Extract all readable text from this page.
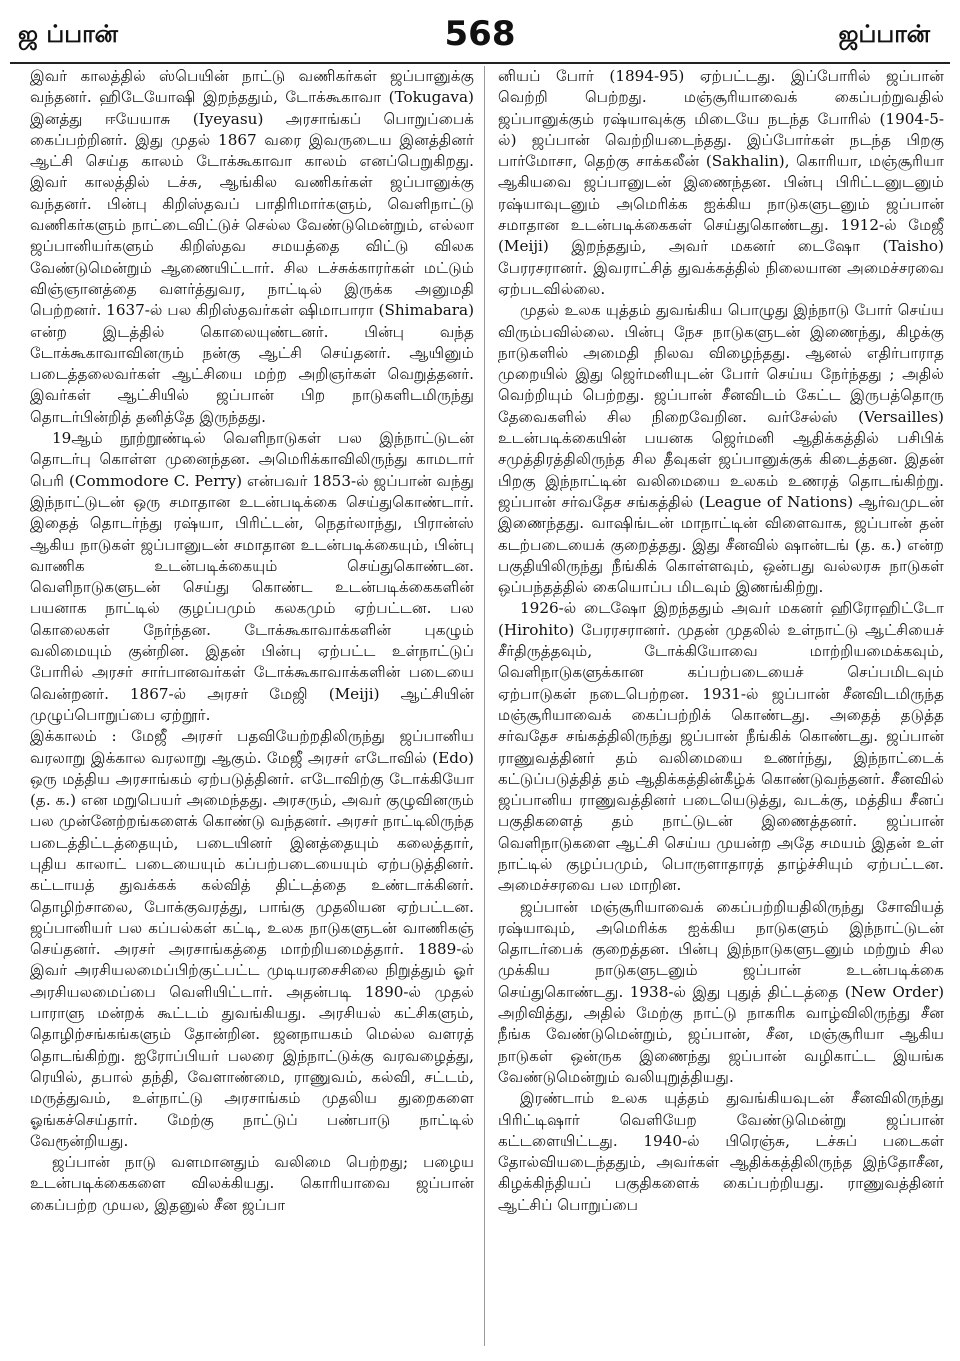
ஜ ப்பான்	568	ஜப்பான்

இவர் காலத்தில் ஸ்பெயின் நாட்டு வணிகர்கள் ஜப்பானுக்கு வந்தனர். ஹிடேயோஷி இறந்ததும், டோக்கூகாவா (Tokugava) இனத்து ஈயேயாசு (Iyeyasu) அரசாங்கப் பொறுப்பைக் கைப்பற்றினர். இது முதல் 1867 வரை இவருடைய இனத்தினர் ஆட்சி செய்த காலம் டோக்கூகாவா காலம் எனப்பெறுகிறது. இவர் காலத்தில் டச்சு, ஆங்கில வணிகர்கள் ஜப்பானுக்கு வந்தனர். பின்பு கிறிஸ்தவப் பாதிரிமார்களும், வெளிநாட்டு வணிகர்களும் நாட்டைவிட்டுச் செல்ல வேண்டுமென்றும், எல்லா ஜப்பானியர்களும் கிறிஸ்தவ சமயத்தை விட்டு விலக வேண்டுமென்றும் ஆணையிட்டார். சில டச்சுக்காரர்கள் மட்டும் விஞ்ஞானத்தை வளர்த்துவர, நாட்டில் இருக்க அனுமதி பெற்றனர். 1637-ல் பல கிறிஸ்தவர்கள் ஷிமாபாரா (Shimabara) என்ற இடத்தில் கொலையுண்டனர். பின்பு வந்த டோக்கூகாவாவினரும் நன்கு ஆட்சி செய்தனர். ஆயினும் படைத்தலைவர்கள் ஆட்சியை மற்ற அறிஞர்கள் வெறுத்தனர். இவர்கள் ஆட்சியில் ஜப்பான் பிற நாடுகளிடமிருந்து தொடர்பின்றித் தனித்தே இருந்தது.

19ஆம் நூற்றூண்டில் வெளிநாடுகள் பல இந்நாட்டுடன் தொடர்பு கொள்ள முனைந்தன. அமெரிக்காவிலிருந்து காமடார் பெரி (Commodore C. Perry) என்பவர் 1853-ல் ஜப்பான் வந்து இந்நாட்டுடன் ஒரு சமாதான உடன்படிக்கை செய்துகொண்டார். இதைத் தொடர்ந்து ரஷ்யா, பிரிட்டன், நெதர்லாந்து, பிரான்ஸ் ஆகிய நாடுகள் ஜப்பானுடன் சமாதான உடன்படிக்கையும், பின்பு வாணிக உடன்படிக்கையும் செய்துகொண்டன. வெளிநாடுகளுடன் செய்து கொண்ட உடன்படிக்கைகளின் பயனாக நாட்டில் குழப்பமும் கலகமும் ஏற்பட்டன. பல கொலைகள் நேர்ந்தன. டோக்கூகாவாக்களின் புகழும் வலிமையும் குன்றின. இதன் பின்பு ஏற்பட்ட உள்நாட்டுப் போரில் அரசர் சார்பானவர்கள் டோக்கூகாவாக்களின் படையை வென்றனர். 1867-ல் அரசர் மேஜி (Meiji) ஆட்சியின் முழுப்பொறுப்பை ஏற்றூர்.

இக்காலம் : மேஜீ அரசர் பதவியேற்றதிலிருந்து ஜப்பானிய வரலாறு இக்கால வரலாறு ஆகும். மேஜீ அரசர் எடோவில் (Edo) ஒரு மத்திய அரசாங்கம் ஏற்படுத்தினர். எடோவிற்கு டோக்கியோ (த. க.) என மறுபெயர் அமைந்தது. அரசரும், அவர் குழுவினரும் பல முன்னேற்றங்களைக் கொண்டு வந்தனர். அரசர் நாட்டிலிருந்த படைத்திட்டத்தையும், படையினர் இனத்தையும் கலைத்தார், புதிய காலாட் படையையும் கப்பற்படையையும் ஏற்படுத்தினர். கட்டாயத் துவக்கக் கல்வித் திட்டத்தை உண்டாக்கினர். தொழிற்சாலை, போக்குவரத்து, பாங்கு முதலியன ஏற்பட்டன. ஜப்பானியர் பல கப்பல்கள் கட்டி, உலக நாடுகளுடன் வாணிகஞ் செய்தனர். அரசர் அரசாங்கத்தை மாற்றியமைத்தார். 1889-ல் இவர் அரசியலமைப்பிற்குட்பட்ட முடியரசைசிலை நிறுத்தும் ஓர் அரசியலமைப்பை வெளியிட்டார். அதன்படி 1890-ல் முதல் பாராளு மன்றக் கூட்டம் துவங்கியது. அரசியல் கட்சிகளும், தொழிற்சங்கங்களும் தோன்றின. ஜனநாயகம் மெல்ல வளரத் தொடங்கிற்று. ஐரோப்பியர் பலரை இந்நாட்டுக்கு வரவழைத்து, ரெயில், தபால் தந்தி, வேளாண்மை, ராணுவம், கல்வி, சட்டம், மருத்துவம், உள்நாட்டு அரசாங்கம் முதலிய துறைகளை ஓங்கச்செய்தார். மேற்கு நாட்டுப் பண்பாடு நாட்டில் வேரூன்றியது.

ஜப்பான் நாடு வளமானதும் வலிமை பெற்றது; பழைய உடன்படிக்கைகளை விலக்கியது. கொரியாவை ஜப்பான் கைப்பற்ற முயல, இதனுல் சீன ஜப்பா

னியப் போர் (1894-95) ஏற்பட்டது. இப்போரில் ஜப்பான் வெற்றி பெற்றது. மஞ்சூரியாவைக் கைப்பற்றுவதில் ஜப்பானுக்கும் ரஷ்யாவுக்கு மிடையே நடந்த போரில் (1904-5-ல்) ஜப்பான் வெற்றியடைந்தது. இப்போர்கள் நடந்த பிறகு பார்மோசா, தெற்கு சாக்கலீன் (Sakhalin), கொரியா, மஞ்சூரியா ஆகியவை ஜப்பானுடன் இணைந்தன. பின்பு பிரிட்டனுடனும் ரஷ்யாவுடனும் அமெரிக்க ஐக்கிய நாடுகளுடனும் ஜப்பான் சமாதான உடன்படிக்கைகள் செய்துகொண்டது. 1912-ல் மேஜீ (Meiji) இறந்ததும், அவர் மகனர் டைஷோ (Taisho) பேரரசரானர். இவராட்சித் துவக்கத்தில் நிலையான அமைச்சரவை ஏற்படவில்லை.

முதல் உலக யுத்தம் துவங்கிய பொழுது இந்நாடு போர் செய்ய விரும்பவில்லை. பின்பு நேச நாடுகளுடன் இணைந்து, கிழக்கு நாடுகளில் அமைதி நிலவ விழைந்தது. ஆனல் எதிர்பாராத முறையில் இது ஜெர்மனியுடன் போர் செய்ய நேர்ந்தது ; அதில் வெற்றியும் பெற்றது. ஜப்பான் சீனவிடம் கேட்ட இருபத்தொரு தேவைகளில் சில நிறைவேறின. வர்சேல்ஸ் (Versailles) உடன்படிக்கையின் பயனக ஜெர்மனி ஆதிக்கத்தில் பசிபிக் சமுத்திரத்திலிருந்த சில தீவுகள் ஜப்பானுக்குக் கிடைத்தன. இதன் பிறகு இந்நாட்டின் வலிமையை உலகம் உணரத் தொடங்கிற்று. ஜப்பான் சர்வதேச சங்கத்தில் (League of Nations) ஆர்வமுடன் இணைந்தது. வாஷிங்டன் மாநாட்டின் விளைவாக, ஜப்பான் தன் கடற்படையைக் குறைத்தது. இது சீனவில் ஷான்டங் (த. க.) என்ற பகுதியிலிருந்து நீங்கிக் கொள்ளவும், ஒன்பது வல்லரசு நாடுகள் ஒப்பந்தத்தில் கையொப்ப மிடவும் இணங்கிற்று.

1926-ல் டைஷோ இறந்ததும் அவர் மகனர் ஹிரோஹிட்டோ (Hirohito) பேரரசரானர். முதன் முதலில் உள்நாட்டு ஆட்சியைச் சீர்திருத்தவும், டோக்கியோவை மாற்றியமைக்கவும், வெளிநாடுகளுக்கான கப்பற்படையைச் செப்பமிடவும் ஏற்பாடுகள் நடைபெற்றன. 1931-ல் ஜப்பான் சீனவிடமிருந்த மஞ்சூரியாவைக் கைப்பற்றிக் கொண்டது. அதைத் தடுத்த சர்வதேச சங்கத்திலிருந்து ஜப்பான் நீங்கிக் கொண்டது. ஜப்பான் ராணுவத்தினர் தம் வலிமையை உணர்ந்து, இந்நாட்டைக் கட்டுப்படுத்தித் தம் ஆதிக்கத்தின்கீழ்க் கொண்டுவந்தனர். சீனவில் ஜப்பானிய ராணுவத்தினர் படையெடுத்து, வடக்கு, மத்திய சீனப் பகுதிகளைத் தம் நாட்டுடன் இணைத்தனர். ஜப்பான் வெளிநாடுகளை ஆட்சி செய்ய முயன்ற அதே சமயம் இதன் உள் நாட்டில் குழப்பமும், பொருளாதாரத் தாழ்ச்சியும் ஏற்பட்டன. அமைச்சரவை பல மாறின.

ஜப்பான் மஞ்சூரியாவைக் கைப்பற்றியதிலிருந்து சோவியத் ரஷ்யாவும், அமெரிக்க ஐக்கிய நாடுகளும் இந்நாட்டுடன் தொடர்பைக் குறைத்தன. பின்பு இந்நாடுகளுடனும் மற்றும் சில முக்கிய நாடுகளுடனும் ஜப்பான் உடன்படிக்கை செய்துகொண்டது. 1938-ல் இது புதுத் திட்டத்தை (New Order) அறிவித்து, அதில் மேற்கு நாட்டு நாகரிக வாழ்விலிருந்து சீன நீங்க வேண்டுமென்றும், ஜப்பான், சீன, மஞ்சூரியா ஆகிய நாடுகள் ஒன்ருக இணைந்து ஜப்பான் வழிகாட்ட இயங்க வேண்டுமென்றும் வலியுறுத்தியது.

இரண்டாம் உலக யுத்தம் துவங்கியவுடன் சீனவிலிருந்து பிரிட்டிஷார் வெளியேற வேண்டுமென்று ஜப்பான் கட்டளையிட்டது. 1940-ல் பிரெஞ்சு, டச்சுப் படைகள் தோல்வியடைந்ததும், அவர்கள் ஆதிக்கத்திலிருந்த இந்தோசீன, கிழக்கிந்தியப் பகுதிகளைக் கைப்பற்றியது. ராணுவத்தினர் ஆட்சிப் பொறுப்பை
